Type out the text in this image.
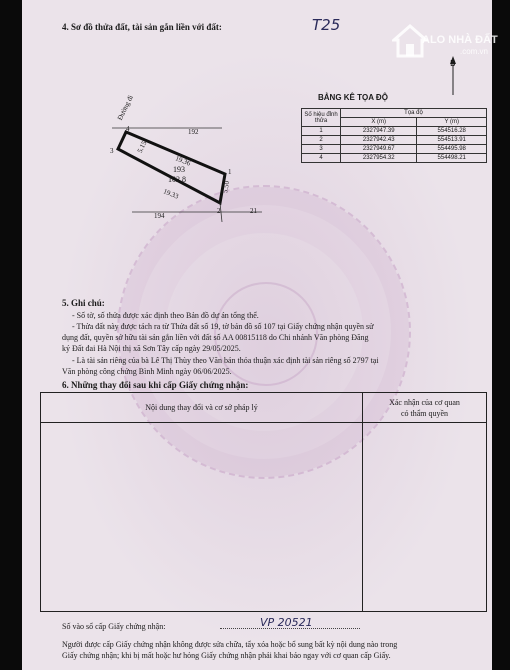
4. Sơ đồ thửa đất, tài sản gắn liền với đất:	T25
B
Đường đi
192
194
21
19.36
19.33
5.15
5.50
193
102.8
1
2
3
4
BẢNG KÊ TỌA ĐỘ
Số hiệu đỉnh thửa	Tọa độ	
	X (m)	Y (m)
1	2327947.39	554516.28
2	2327942.43	554513.91
3	2327949.67	554495.98
4	2327954.32	554498.21
5. Ghi chú:
- Số tờ, số thửa được xác định theo Bản đồ dự án tổng thể.
- Thửa đất này được tách ra từ Thửa đất số 19, tờ bản đồ số 107 tại Giấy chứng nhận quyền sử
dụng đất, quyền sở hữu tài sản gắn liền với đất số AA 00815118 do Chi nhánh Văn phòng Đăng
ký Đất đai Hà Nội thị xã Sơn Tây cấp ngày 29/05/2025.
- Là tài sản riêng của bà Lê Thị Thùy theo Văn bản thỏa thuận xác định tài sản riêng số 2797 tại
Văn phòng công chứng Bình Minh ngày 06/06/2025.
6. Những thay đổi sau khi cấp Giấy chứng nhận:
Nội dung thay đổi và cơ sở pháp lý	Xác nhận của cơ quan
có thẩm quyền

Số vào sổ cấp Giấy chứng nhận:	VP 20521
Người được cấp Giấy chứng nhận không được sửa chữa, tẩy xóa hoặc bổ sung bất kỳ nội dung nào trong
Giấy chứng nhận; khi bị mất hoặc hư hỏng Giấy chứng nhận phải khai báo ngay với cơ quan cấp Giấy.
ALO NHÀ ĐẤT
.com.vn
